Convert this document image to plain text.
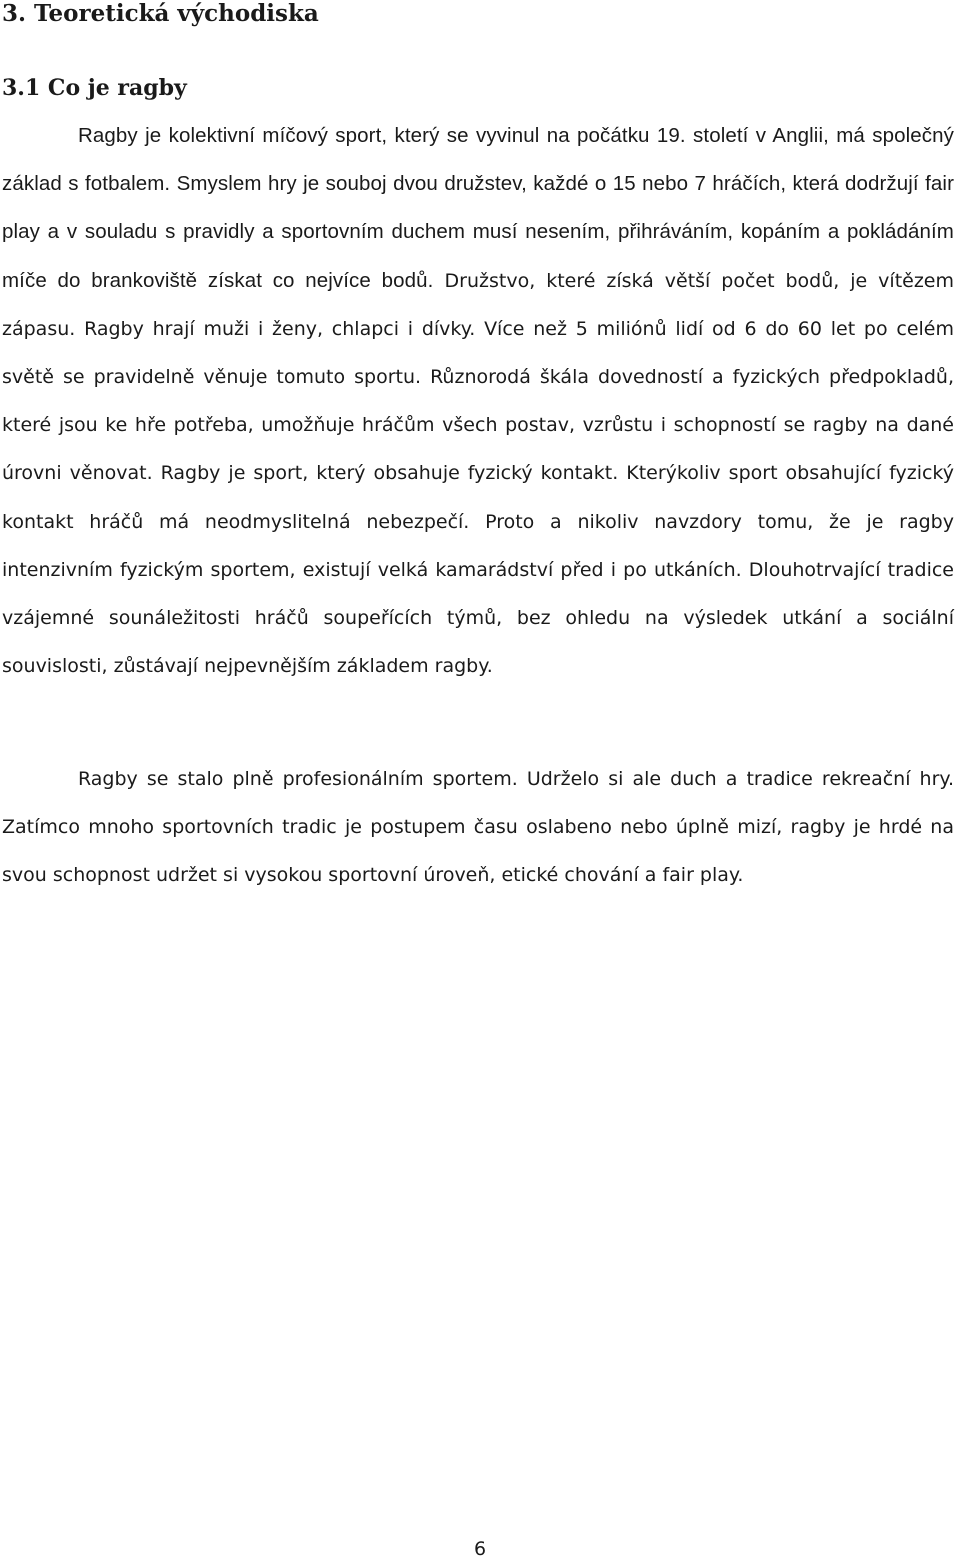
3. Teoretická východiska
3.1 Co je ragby

Ragby je kolektivní míčový sport, který se vyvinul na počátku 19. století v Anglii, má společný základ s fotbalem. Smyslem hry je souboj dvou družstev, každé o 15 nebo 7 hráčích, která dodržují fair play a v souladu s pravidly a sportovním duchem musí nesením, přihráváním, kopáním a pokládáním míče do brankoviště získat co nejvíce bodů. Družstvo, které získá větší počet bodů, je vítězem zápasu. Ragby hrají muži i ženy, chlapci i dívky. Více než 5 miliónů lidí od 6 do 60 let po celém světě se pravidelně věnuje tomuto sportu. Různorodá škála dovedností a fyzických předpokladů, které jsou ke hře potřeba, umožňuje hráčům všech postav, vzrůstu i schopností se ragby na dané úrovni věnovat. Ragby je sport, který obsahuje fyzický kontakt. Kterýkoliv sport obsahující fyzický kontakt hráčů má neodmyslitelná nebezpečí. Proto a nikoliv navzdory tomu, že je ragby intenzivním fyzickým sportem, existují velká kamarádství před i po utkáních. Dlouhotrvající tradice vzájemné sounáležitosti hráčů soupeřících týmů, bez ohledu na výsledek utkání a sociální souvislosti, zůstávají nejpevnějším základem ragby.

Ragby se stalo plně profesionálním sportem. Udrželo si ale duch a tradice rekreační hry. Zatímco mnoho sportovních tradic je postupem času oslabeno nebo úplně mizí, ragby je hrdé na svou schopnost udržet si vysokou sportovní úroveň, etické chování a fair play.

6
